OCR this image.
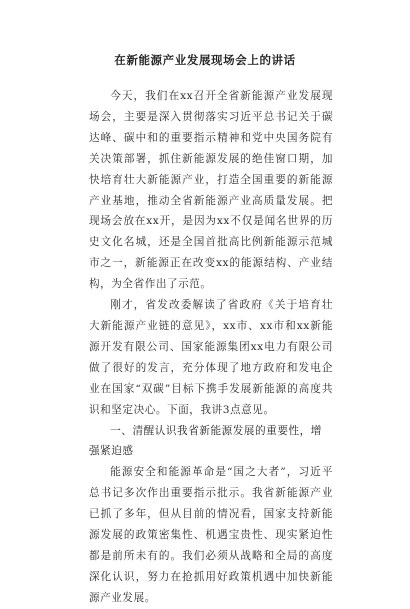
在新能源产业发展现场会上的讲话

今天，我们在xx召开全省新能源产业发展现场会，主要是深入贯彻落实习近平总书记关于碳达峰、碳中和的重要指示精神和党中央国务院有关决策部署，抓住新能源发展的绝佳窗口期，加快培育壮大新能源产业，打造全国重要的新能源产业基地，推动全省新能源产业高质量发展。把现场会放在xx开，是因为xx不仅是闻名世界的历史文化名城，还是全国首批高比例新能源示范城市之一，新能源正在改变xx的能源结构、产业结构，为全省作出了示范。

刚才，省发改委解读了省政府《关于培育壮大新能源产业链的意见》，xx市、xx市和xx新能源开发有限公司、国家能源集团xx电力有限公司做了很好的发言，充分体现了地方政府和发电企业在国家“双碳”目标下携手发展新能源的高度共识和坚定决心。下面，我讲3点意见。

一、清醒认识我省新能源发展的重要性，增强紧迫感

能源安全和能源革命是“国之大者”，习近平总书记多次作出重要指示批示。我省新能源产业已抓了多年，但从目前的情况看，国家支持新能源发展的政策密集性、机遇宝贵性、现实紧迫性都是前所未有的。我们必须从战略和全局的高度深化认识，努力在抢抓用好政策机遇中加快新能源产业发展。
